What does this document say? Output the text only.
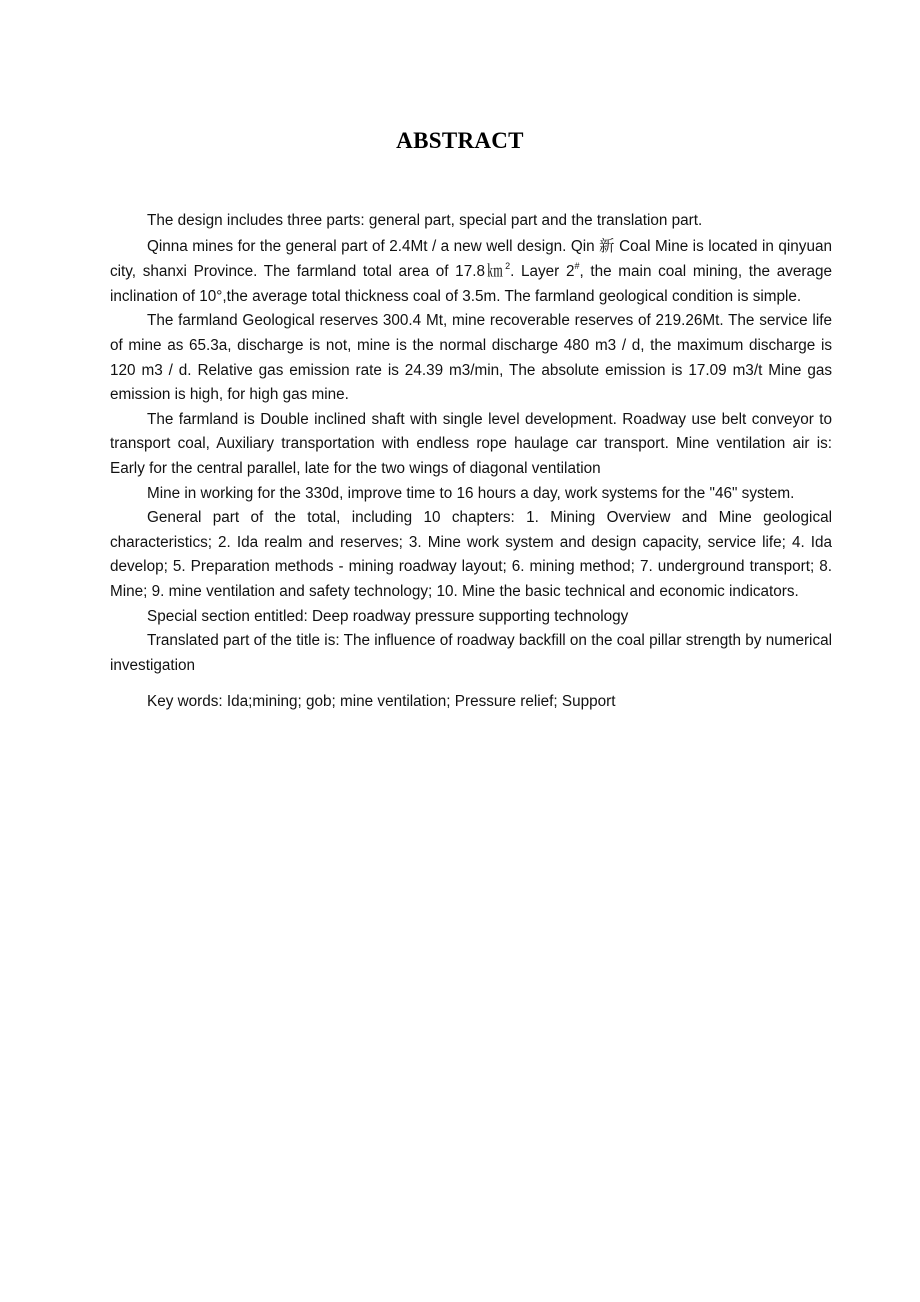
ABSTRACT

The design includes three parts: general part, special part and the translation part.

Qinna mines for the general part of 2.4Mt / a new well design. Qin 新 Coal Mine is located in qinyuan city, shanxi Province. The farmland total area of 17.8㎞$^2$. Layer 2#, the main coal mining, the average inclination of 10°,the average total thickness coal of 3.5m. The farmland geological condition is simple.

The farmland Geological reserves 300.4 Mt, mine recoverable reserves of 219.26Mt. The service life of mine as 65.3a, discharge is not, mine is the normal discharge 480 m3 / d, the maximum discharge is 120 m3 / d. Relative gas emission rate is 24.39 m3/min, The absolute emission is 17.09 m3/t Mine gas emission is high, for high gas mine.

The farmland is Double inclined shaft with single level development. Roadway use belt conveyor to transport coal, Auxiliary transportation with endless rope haulage car transport. Mine ventilation air is: Early for the central parallel, late for the two wings of diagonal ventilation

Mine in working for the 330d, improve time to 16 hours a day, work systems for the "46" system.

General part of the total, including 10 chapters: 1. Mining Overview and Mine geological characteristics; 2. Ida realm and reserves; 3. Mine work system and design capacity, service life; 4. Ida develop; 5. Preparation methods - mining roadway layout; 6. mining method; 7. underground transport; 8. Mine; 9. mine ventilation and safety technology; 10. Mine the basic technical and economic indicators.

Special section entitled: Deep roadway pressure supporting technology

Translated part of the title is: The influence of roadway backfill on the coal pillar strength by numerical investigation

Key words: Ida;mining; gob; mine ventilation; Pressure relief; Support
